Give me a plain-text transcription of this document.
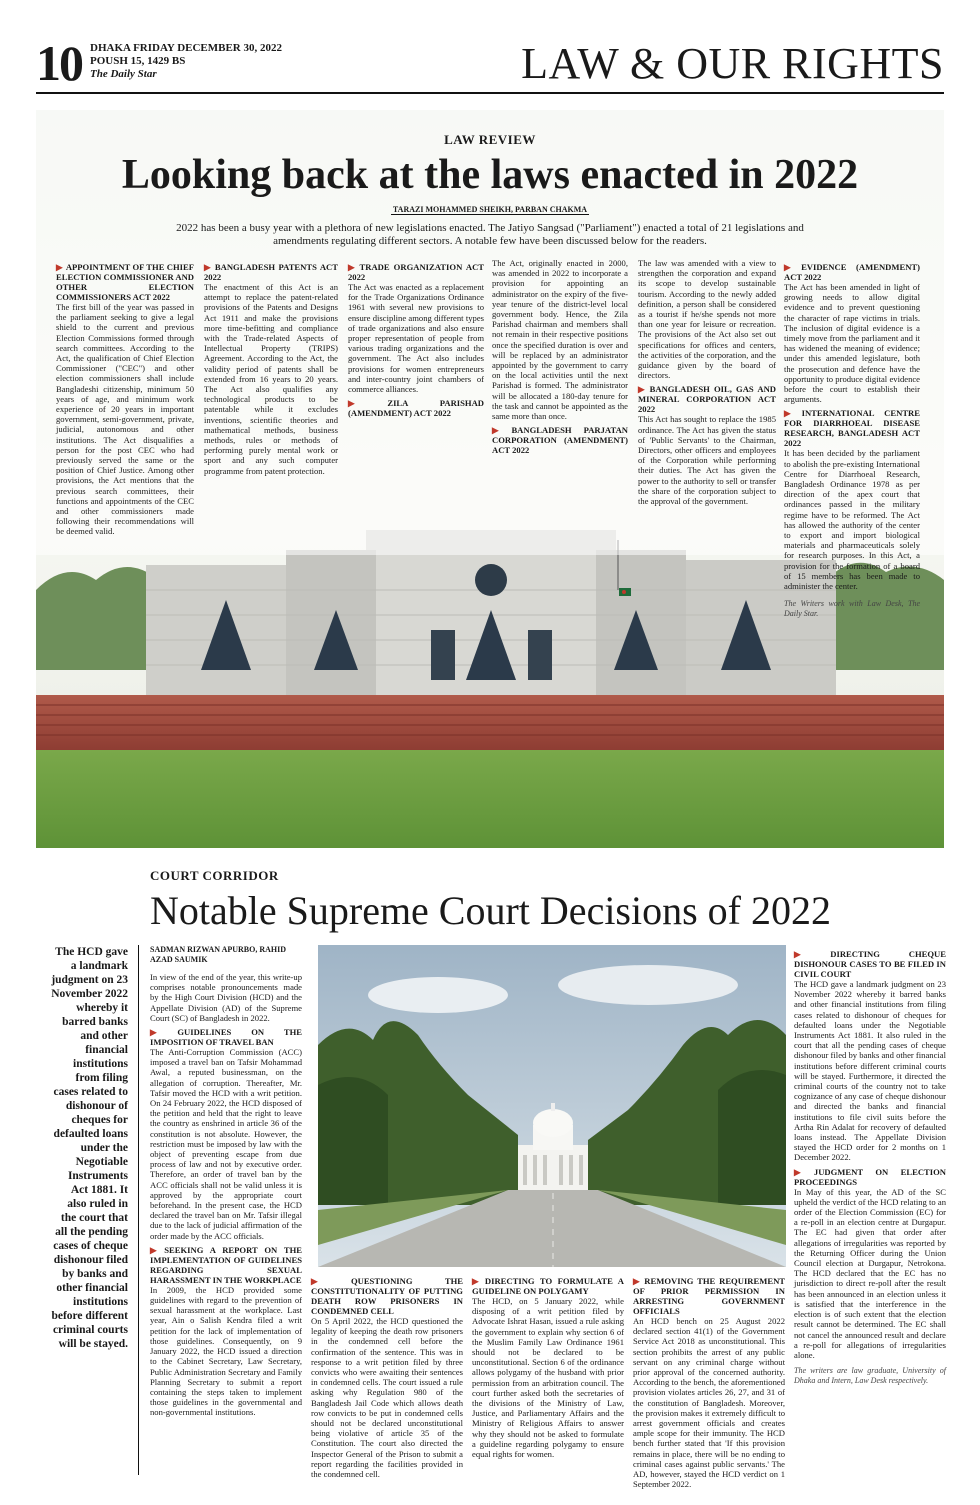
10 DHAKA FRIDAY DECEMBER 30, 2022
POUSH 15, 1429 BS
The Daily Star	LAW & OUR RIGHTS
LAW REVIEW
Looking back at the laws enacted in 2022
TARAZI MOHAMMED SHEIKH, PARBAN CHAKMA
2022 has been a busy year with a plethora of new legislations enacted. The Jatiyo Sangsad ("Parliament") enacted a total of 21 legislations and amendments regulating different sectors. A notable few have been discussed below for the readers.
▶ APPOINTMENT OF THE CHIEF ELECTION COMMISSIONER AND OTHER ELECTION COMMISSIONERS ACT 2022

The first bill of the year was passed in the parliament seeking to give a legal shield to the current and previous Election Commissions formed through search committees. According to the Act, the qualification of Chief Election Commissioner ("CEC") and other election commissioners shall include Bangladeshi citizenship, minimum 50 years of age, and minimum work experience of 20 years in important government, semi-government, private, judicial, autonomous and other institutions. The Act disqualifies a person for the post CEC who had previously served the same or the position of Chief Justice. Among other provisions, the Act mentions that the previous search committees, their functions and appointments of the CEC and other commissioners made following their recommendations will be deemed valid.

▶ BANGLADESH PATENTS ACT 2022

The enactment of this Act is an attempt to replace the patent-related provisions of the Patents and Designs Act 1911 and make the provisions more time-befitting and compliance with the Trade-related Aspects of Intellectual Property (TRIPS) Agreement. According to the Act, the validity period of patents shall be extended from 16 years to 20 years. The Act also qualifies any technological products to be patentable while it excludes inventions, scientific theories and mathematical methods, business methods, rules or methods of performing purely mental work or sport and any such computer programme from patent protection.

▶ TRADE ORGANIZATION ACT 2022

The Act was enacted as a replacement for the Trade Organizations Ordinance 1961 with several new provisions to ensure discipline among different types of trade organizations and also ensure proper representation of people from various trading organizations and the government. The Act also includes provisions for women entrepreneurs and inter-country joint chambers of commerce alliances.

▶ ZILA PARISHAD (AMENDMENT) ACT 2022

The Act, originally enacted in 2000, was amended in 2022 to incorporate a provision for appointing an administrator on the expiry of the five-year tenure of the district-level local government body. Hence, the Zila Parishad chairman and members shall not remain in their respective positions once the specified duration is over and will be replaced by an administrator appointed by the government to carry on the local activities until the next Parishad is formed. The administrator will be allocated a 180-day tenure for the task and cannot be appointed as the same more than once.

▶ BANGLADESH PARJATAN CORPORATION (AMENDMENT) ACT 2022

The law was amended with a view to strengthen the corporation and expand its scope to develop sustainable tourism. According to the newly added definition, a person shall be considered as a tourist if he/she spends not more than one year for leisure or recreation. The provisions of the Act also set out specifications for offices and centers, the activities of the corporation, and the guidance given by the board of directors.

▶ BANGLADESH OIL, GAS AND MINERAL CORPORATION ACT 2022

This Act has sought to replace the 1985 ordinance. The Act has given the status of 'Public Servants' to the Chairman, Directors, other officers and employees of the Corporation while performing their duties. The Act has given the power to the authority to sell or transfer the share of the corporation subject to the approval of the government.

▶ EVIDENCE (AMENDMENT) ACT 2022

The Act has been amended in light of growing needs to allow digital evidence and to prevent questioning the character of rape victims in trials. The inclusion of digital evidence is a timely move from the parliament and it has widened the meaning of evidence; under this amended legislature, both the prosecution and defence have the opportunity to produce digital evidence before the court to establish their arguments.

▶ INTERNATIONAL CENTRE FOR DIARRHOEAL DISEASE RESEARCH, BANGLADESH ACT 2022

It has been decided by the parliament to abolish the pre-existing International Centre for Diarrhoeal Research, Bangladesh Ordinance 1978 as per direction of the apex court that ordinances passed in the military regime have to be reformed. The Act has allowed the authority of the center to export and import biological materials and pharmaceuticals solely for research purposes. In this Act, a provision for the formation of a board of 15 members has been made to administer the center.

The Writers work with Law Desk, The Daily Star.
COURT CORRIDOR
Notable Supreme Court Decisions of 2022
The HCD gave a landmark judgment on 23 November 2022 whereby it barred banks and other financial institutions from filing cases related to dishonour of cheques for defaulted loans under the Negotiable Instruments Act 1881. It also ruled in the court that all the pending cases of cheque dishonour filed by banks and other financial institutions before different criminal courts will be stayed.
SADMAN RIZWAN APURBO, RAHID AZAD SAUMIK

In view of the end of the year, this write-up comprises notable pronouncements made by the High Court Division (HCD) and the Appellate Division (AD) of the Supreme Court (SC) of Bangladesh in 2022.

▶ GUIDELINES ON THE IMPOSITION OF TRAVEL BAN

The Anti-Corruption Commission (ACC) imposed a travel ban on Tafsir Mohammad Awal, a reputed businessman, on the allegation of corruption. Thereafter, Mr. Tafsir moved the HCD with a writ petition. On 24 February 2022, the HCD disposed of the petition and held that the right to leave the country as enshrined in article 36 of the constitution is not absolute. However, the restriction must be imposed by law with the object of preventing escape from due process of law and not by executive order. Therefore, an order of travel ban by the ACC officials shall not be valid unless it is approved by the appropriate court beforehand. In the present case, the HCD declared the travel ban on Mr. Tafsir illegal due to the lack of judicial affirmation of the order made by the ACC officials.

▶ SEEKING A REPORT ON THE IMPLEMENTATION OF GUIDELINES REGARDING SEXUAL HARASSMENT IN THE WORKPLACE

In 2009, the HCD provided some guidelines with regard to the prevention of sexual harassment at the workplace. Last year, Ain o Salish Kendra filed a writ petition for the lack of implementation of those guidelines. Consequently, on 9 January 2022, the HCD issued a direction to the Cabinet Secretary, Law Secretary, Public Administration Secretary and Family Planning Secretary to submit a report containing the steps taken to implement those guidelines in the governmental and non-governmental institutions.

▶ QUESTIONING THE CONSTITUTIONALITY OF PUTTING DEATH ROW PRISONERS IN CONDEMNED CELL

On 5 April 2022, the HCD questioned the legality of keeping the death row prisoners in the condemned cell before the confirmation of the sentence. This was in response to a writ petition filed by three convicts who were awaiting their sentences in condemned cells. The court issued a rule asking why Regulation 980 of the Bangladesh Jail Code which allows death row convicts to be put in condemned cells should not be declared unconstitutional being violative of article 35 of the Constitution. The court also directed the Inspector General of the Prison to submit a report regarding the facilities provided in the condemned cell.

▶ DIRECTING TO FORMULATE A GUIDELINE ON POLYGAMY

The HCD, on 5 January 2022, while disposing of a writ petition filed by Advocate Ishrat Hasan, issued a rule asking the government to explain why section 6 of the Muslim Family Law Ordinance 1961 should not be declared to be unconstitutional. Section 6 of the ordinance allows polygamy of the husband with prior permission from an arbitration council. The court further asked both the secretaries of the divisions of the Ministry of Law, Justice, and Parliamentary Affairs and the Ministry of Religious Affairs to answer why they should not be asked to formulate a guideline regarding polygamy to ensure equal rights for women.

▶ REMOVING THE REQUIREMENT OF PRIOR PERMISSION IN ARRESTING GOVERNMENT OFFICIALS

An HCD bench on 25 August 2022 declared section 41(1) of the Government Service Act 2018 as unconstitutional. This section prohibits the arrest of any public servant on any criminal charge without prior approval of the concerned authority. According to the bench, the aforementioned provision violates articles 26, 27, and 31 of the constitution of Bangladesh. Moreover, the provision makes it extremely difficult to arrest government officials and creates ample scope for their immunity. The HCD bench further stated that 'If this provision remains in place, there will be no ending to criminal cases against public servants.' The AD, however, stayed the HCD verdict on 1 September 2022.

▶ DIRECTING CHEQUE DISHONOUR CASES TO BE FILED IN CIVIL COURT

The HCD gave a landmark judgment on 23 November 2022 whereby it barred banks and other financial institutions from filing cases related to dishonour of cheques for defaulted loans under the Negotiable Instruments Act 1881. It also ruled in the court that all the pending cases of cheque dishonour filed by banks and other financial institutions before different criminal courts will be stayed. Furthermore, it directed the criminal courts of the country not to take cognizance of any case of cheque dishonour and directed the banks and financial institutions to file civil suits before the Artha Rin Adalat for recovery of defaulted loans instead. The Appellate Division stayed the HCD order for 2 months on 1 December 2022.

▶ JUDGMENT ON ELECTION PROCEEDINGS

In May of this year, the AD of the SC upheld the verdict of the HCD relating to an order of the Election Commission (EC) for a re-poll in an election centre at Durgapur. The EC had given that order after allegations of irregularities was reported by the Returning Officer during the Union Council election at Durgapur, Netrokona. The HCD declared that the EC has no jurisdiction to direct re-poll after the result has been announced in an election unless it is satisfied that the interference in the election is of such extent that the election result cannot be determined. The EC shall not cancel the announced result and declare a re-poll for allegations of irregularities alone.

The writers are law graduate, University of Dhaka and Intern, Law Desk respectively.
